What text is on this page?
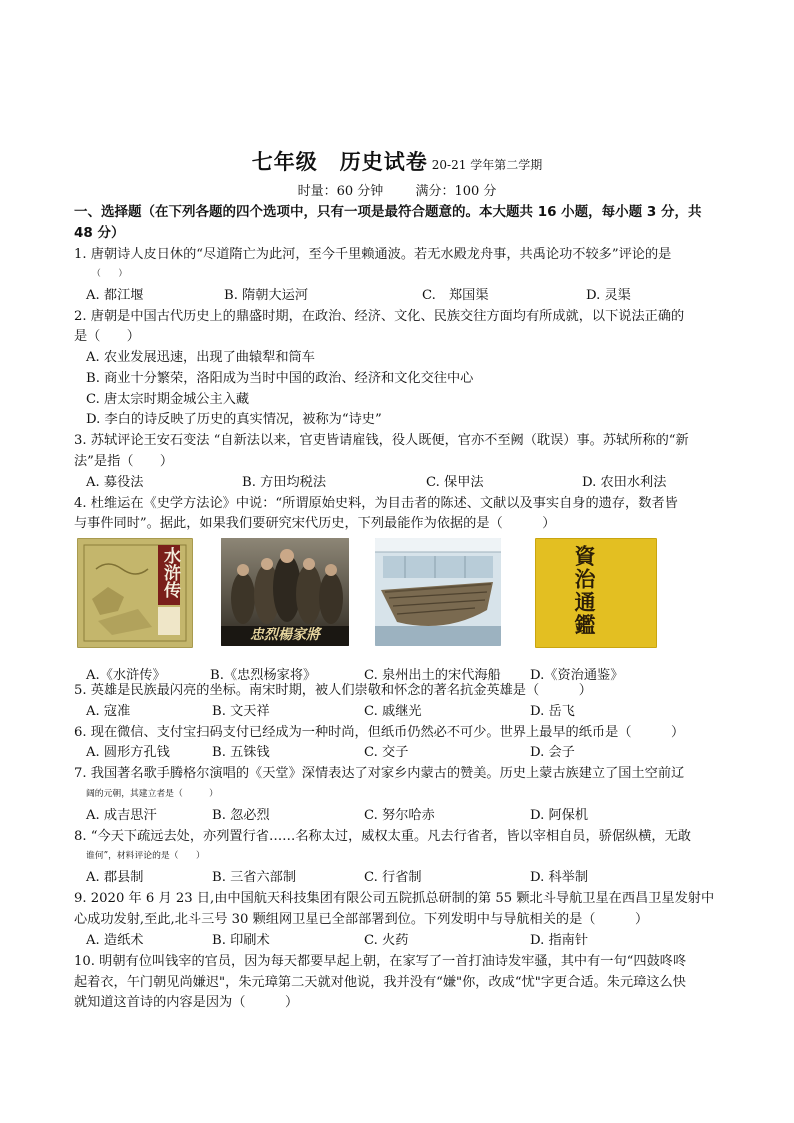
七年级　历史试卷 20-21 学年第二学期
时量：60 分钟 满分：100 分
一、选择题（在下列各题的四个选项中，只有一项是最符合题意的。本大题共 16 小题，每小题 3 分，共 48 分）
1. 唐朝诗人皮日休的“尽道隋亡为此河，至今千里赖通波。若无水殿龙舟事，共禹论功不较多”评论的是
（　　）
A. 都江堰	B. 隋朝大运河	C.　郑国渠	D. 灵渠
2. 唐朝是中国古代历史上的鼎盛时期，在政治、经济、文化、民族交往方面均有所成就，以下说法正确的
是（　　）
A. 农业发展迅速，出现了曲辕犁和筒车
B. 商业十分繁荣，洛阳成为当时中国的政治、经济和文化交往中心
C. 唐太宗时期金城公主入藏
D. 李白的诗反映了历史的真实情况，被称为“诗史”
3. 苏轼评论王安石变法 “自新法以来，官吏皆请雇钱，役人既便，官亦不至阙（耽误）事。苏轼所称的“新
法”是指（　　）
A. 募役法	B. 方田均税法	C. 保甲法	D. 农田水利法
4. 杜维运在《史学方法论》中说：“所谓原始史料，为目击者的陈述、文献以及事实自身的遗存，数者皆
与事件同时”。据此，如果我们要研究宋代历史，下列最能作为依据的是（　　　）
水浒传
忠烈楊家將	資治通鑑
A.《水浒传》	B.《忠烈杨家将》	C. 泉州出土的宋代海船 D.《资治通鉴》
5. 英雄是民族最闪亮的坐标。南宋时期，被人们崇敬和怀念的著名抗金英雄是（　　　）
A. 寇准	B. 文天祥	C. 戚继光	D. 岳飞
6. 现在微信、支付宝扫码支付已经成为一种时尚，但纸币仍然必不可少。世界上最早的纸币是（　　　）
A. 圆形方孔钱	B. 五铢钱	C. 交子	D. 会子
7. 我国著名歌手腾格尔演唱的《天堂》深情表达了对家乡内蒙古的赞美。历史上蒙古族建立了国土空前辽
阔的元朝，其建立者是（　　　）
A. 成吉思汗	B. 忽必烈	C. 努尔哈赤	D. 阿保机
8. “今天下疏远去处，亦列置行省……名称太过，威权太重。凡去行省者，皆以宰相自员，骄倨纵横，无敢
谁何”，材料评论的是（　　）
A. 郡县制	B. 三省六部制	C. 行省制	D. 科举制
9. 2020 年 6 月 23 日,由中国航天科技集团有限公司五院抓总研制的第 55 颗北斗导航卫星在西昌卫星发射中
心成功发射,至此,北斗三号 30 颗组网卫星已全部部署到位。下列发明中与导航相关的是（　　　）
A. 造纸术	B. 印刷术	C. 火药	D. 指南针
10. 明朝有位叫钱宰的官员，因为每天都要早起上朝，在家写了一首打油诗发牢骚，其中有一句“四鼓咚咚
起着衣，午门朝见尚嫌迟"，朱元璋第二天就对他说，我并没有“嫌"你，改成“忧"字更合适。朱元璋这么快
就知道这首诗的内容是因为（　　　）
